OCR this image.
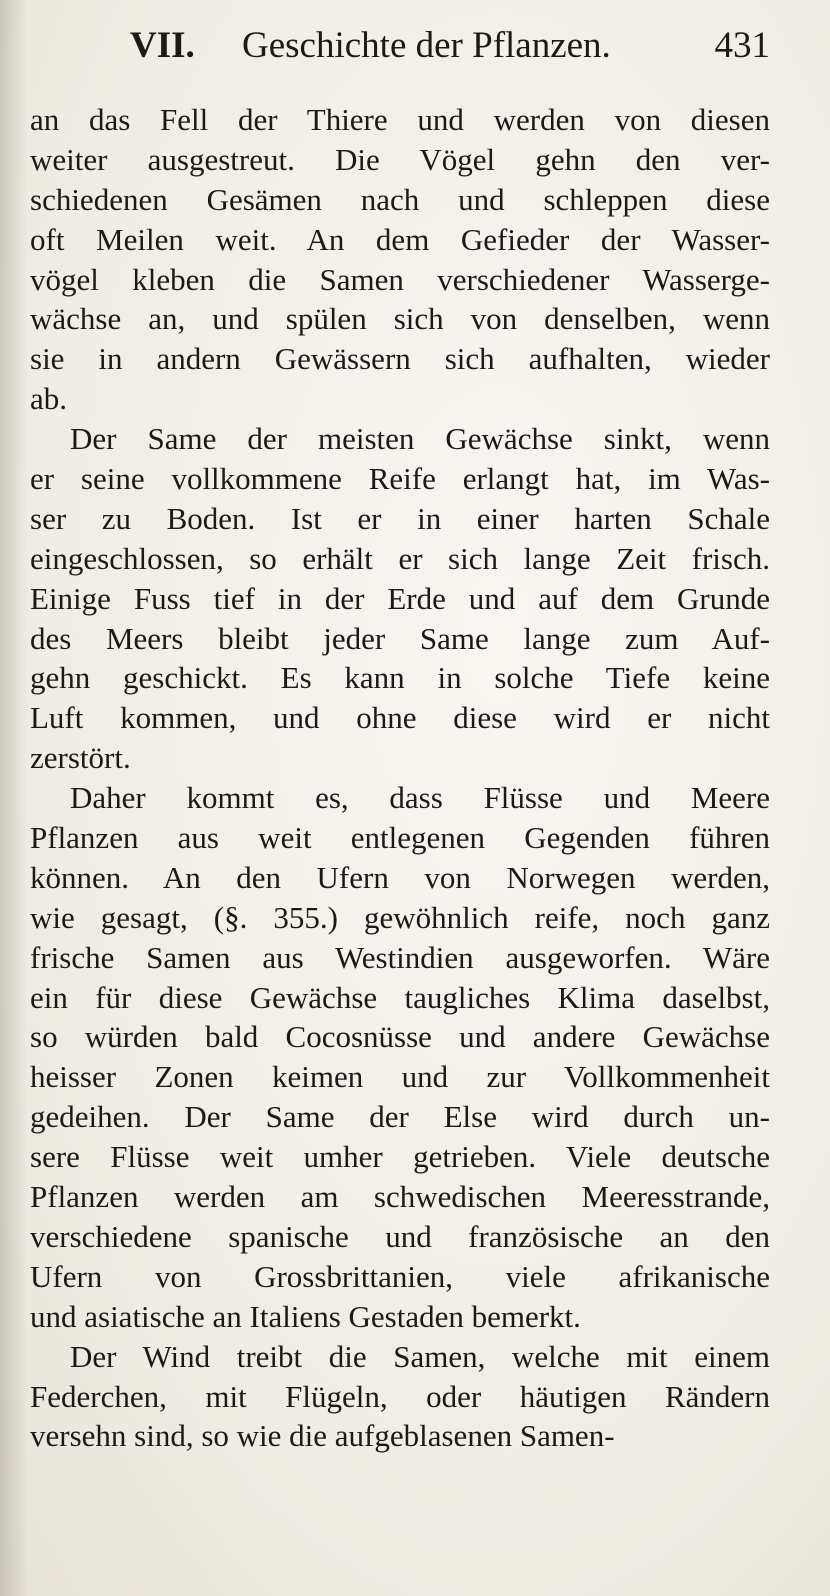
VII. Geschichte der Pflanzen.	431
an das Fell der Thiere und werden von diesen
weiter ausgestreut. Die Vögel gehn den ver-
schiedenen Gesämen nach und schleppen diese
oft Meilen weit. An dem Gefieder der Wasser-
vögel kleben die Samen verschiedener Wasserge-
wächse an, und spülen sich von denselben, wenn
sie in andern Gewässern sich aufhalten, wieder
ab.
Der Same der meisten Gewächse sinkt, wenn
er seine vollkommene Reife erlangt hat, im Was-
ser zu Boden. Ist er in einer harten Schale
eingeschlossen, so erhält er sich lange Zeit frisch.
Einige Fuss tief in der Erde und auf dem Grunde
des Meers bleibt jeder Same lange zum Auf-
gehn geschickt. Es kann in solche Tiefe keine
Luft kommen, und ohne diese wird er nicht
zerstört.
Daher kommt es, dass Flüsse und Meere
Pflanzen aus weit entlegenen Gegenden führen
können. An den Ufern von Norwegen werden,
wie gesagt, (§. 355.) gewöhnlich reife, noch ganz
frische Samen aus Westindien ausgeworfen. Wäre
ein für diese Gewächse taugliches Klima daselbst,
so würden bald Cocosnüsse und andere Gewächse
heisser Zonen keimen und zur Vollkommenheit
gedeihen. Der Same der Else wird durch un-
sere Flüsse weit umher getrieben. Viele deutsche
Pflanzen werden am schwedischen Meeresstrande,
verschiedene spanische und französische an den
Ufern von Grossbrittanien, viele afrikanische
und asiatische an Italiens Gestaden bemerkt.
Der Wind treibt die Samen, welche mit einem
Federchen, mit Flügeln, oder häutigen Rändern
versehn sind, so wie die aufgeblasenen Samen-
